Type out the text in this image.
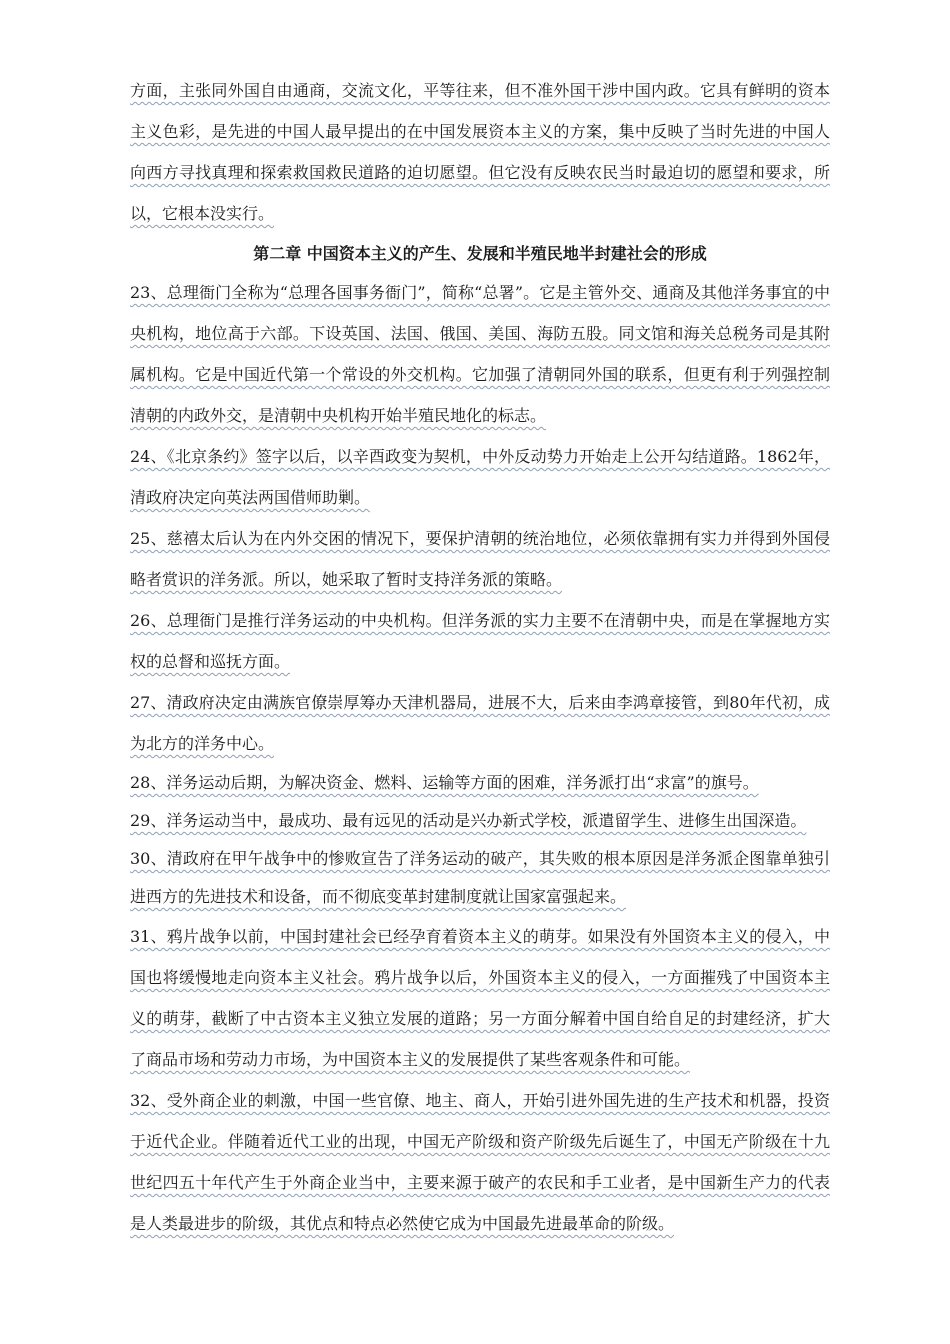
方面，主张同外国自由通商，交流文化，平等往来，但不准外国干涉中国内政。它具有鲜明的资本主义色彩，是先进的中国人最早提出的在中国发展资本主义的方案，集中反映了当时先进的中国人向西方寻找真理和探索救国救民道路的迫切愿望。但它没有反映农民当时最迫切的愿望和要求，所以，它根本没实行。

第二章 中国资本主义的产生、发展和半殖民地半封建社会的形成

23、总理衙门全称为“总理各国事务衙门”，简称“总署”。它是主管外交、通商及其他洋务事宜的中央机构，地位高于六部。下设英国、法国、俄国、美国、海防五股。同文馆和海关总税务司是其附属机构。它是中国近代第一个常设的外交机构。它加强了清朝同外国的联系，但更有利于列强控制清朝的内政外交，是清朝中央机构开始半殖民地化的标志。

24、《北京条约》签字以后，以辛酉政变为契机，中外反动势力开始走上公开勾结道路。1862年，清政府决定向英法两国借师助剿。

25、慈禧太后认为在内外交困的情况下，要保护清朝的统治地位，必须依靠拥有实力并得到外国侵略者赏识的洋务派。所以，她采取了暂时支持洋务派的策略。

26、总理衙门是推行洋务运动的中央机构。但洋务派的实力主要不在清朝中央，而是在掌握地方实权的总督和巡抚方面。

27、清政府决定由满族官僚崇厚筹办天津机器局，进展不大，后来由李鸿章接管，到80年代初，成为北方的洋务中心。

28、洋务运动后期，为解决资金、燃料、运输等方面的困难，洋务派打出“求富”的旗号。

29、洋务运动当中，最成功、最有远见的活动是兴办新式学校，派遣留学生、进修生出国深造。

30、清政府在甲午战争中的惨败宣告了洋务运动的破产，其失败的根本原因是洋务派企图靠单独引进西方的先进技术和设备，而不彻底变革封建制度就让国家富强起来。

31、鸦片战争以前，中国封建社会已经孕育着资本主义的萌芽。如果没有外国资本主义的侵入，中国也将缓慢地走向资本主义社会。鸦片战争以后，外国资本主义的侵入，一方面摧残了中国资本主义的萌芽，截断了中古资本主义独立发展的道路；另一方面分解着中国自给自足的封建经济，扩大了商品市场和劳动力市场，为中国资本主义的发展提供了某些客观条件和可能。

32、受外商企业的刺激，中国一些官僚、地主、商人，开始引进外国先进的生产技术和机器，投资于近代企业。伴随着近代工业的出现，中国无产阶级和资产阶级先后诞生了，中国无产阶级在十九世纪四五十年代产生于外商企业当中，主要来源于破产的农民和手工业者，是中国新生产力的代表是人类最进步的阶级，其优点和特点必然使它成为中国最先进最革命的阶级。
